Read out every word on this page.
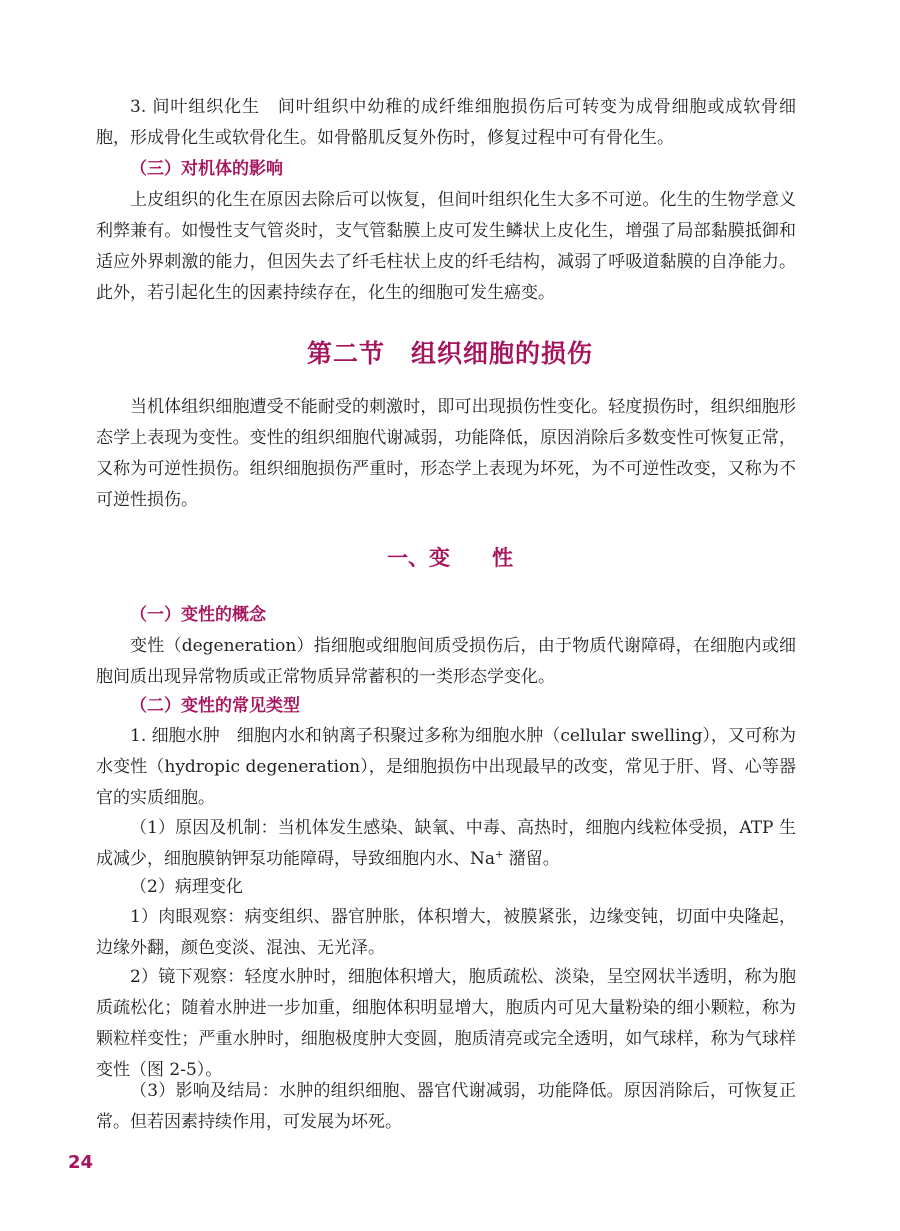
3. 间叶组织化生　间叶组织中幼稚的成纤维细胞损伤后可转变为成骨细胞或成软骨细胞，形成骨化生或软骨化生。如骨骼肌反复外伤时，修复过程中可有骨化生。

（三）对机体的影响

上皮组织的化生在原因去除后可以恢复，但间叶组织化生大多不可逆。化生的生物学意义利弊兼有。如慢性支气管炎时，支气管黏膜上皮可发生鳞状上皮化生，增强了局部黏膜抵御和适应外界刺激的能力，但因失去了纤毛柱状上皮的纤毛结构，减弱了呼吸道黏膜的自净能力。此外，若引起化生的因素持续存在，化生的细胞可发生癌变。

第二节　组织细胞的损伤

当机体组织细胞遭受不能耐受的刺激时，即可出现损伤性变化。轻度损伤时，组织细胞形态学上表现为变性。变性的组织细胞代谢减弱，功能降低，原因消除后多数变性可恢复正常，又称为可逆性损伤。组织细胞损伤严重时，形态学上表现为坏死，为不可逆性改变，又称为不可逆性损伤。

一、变　　性

（一）变性的概念

变性（degeneration）指细胞或细胞间质受损伤后，由于物质代谢障碍，在细胞内或细胞间质出现异常物质或正常物质异常蓄积的一类形态学变化。

（二）变性的常见类型

1. 细胞水肿　细胞内水和钠离子积聚过多称为细胞水肿（cellular swelling），又可称为水变性（hydropic degeneration），是细胞损伤中出现最早的改变，常见于肝、肾、心等器官的实质细胞。

（1）原因及机制：当机体发生感染、缺氧、中毒、高热时，细胞内线粒体受损，ATP 生成减少，细胞膜钠钾泵功能障碍，导致细胞内水、Na+ 潴留。

（2）病理变化

1）肉眼观察：病变组织、器官肿胀，体积增大，被膜紧张，边缘变钝，切面中央隆起，边缘外翻，颜色变淡、混浊、无光泽。

2）镜下观察：轻度水肿时，细胞体积增大，胞质疏松、淡染，呈空网状半透明，称为胞质疏松化；随着水肿进一步加重，细胞体积明显增大，胞质内可见大量粉染的细小颗粒，称为颗粒样变性；严重水肿时，细胞极度肿大变圆，胞质清亮或完全透明，如气球样，称为气球样变性（图 2-5）。

（3）影响及结局：水肿的组织细胞、器官代谢减弱，功能降低。原因消除后，可恢复正常。但若因素持续作用，可发展为坏死。

24
